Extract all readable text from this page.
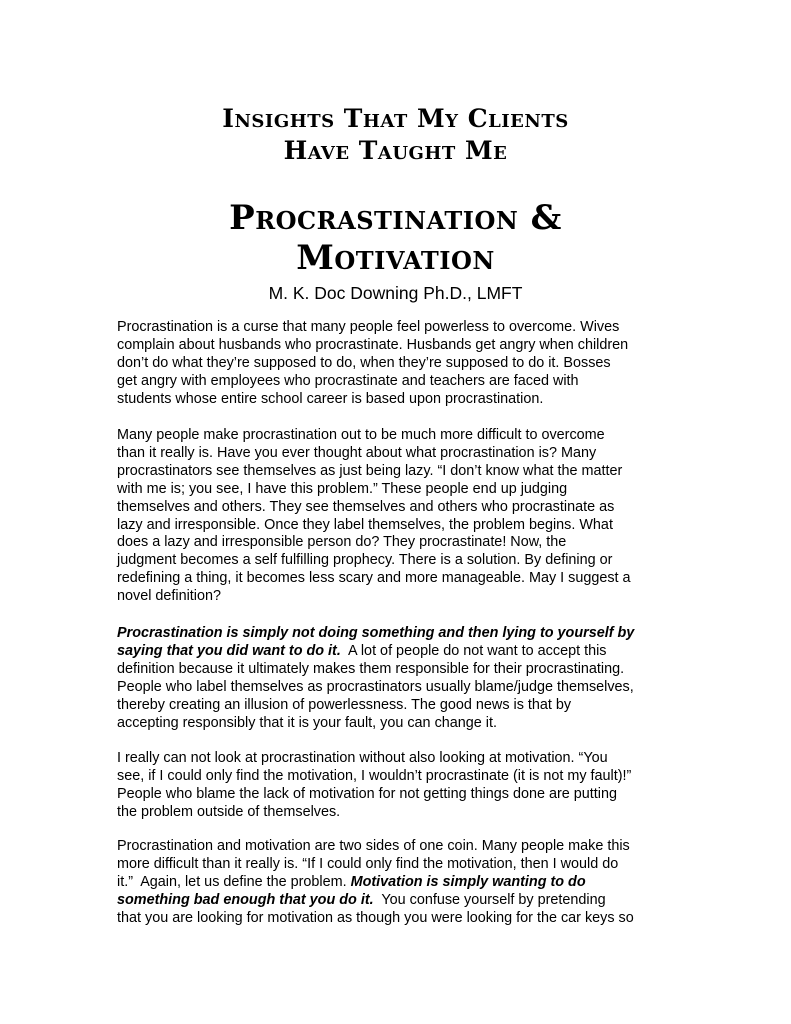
Insights That My Clients
Have Taught Me
Procrastination &
Motivation
M. K. Doc Downing Ph.D., LMFT
Procrastination is a curse that many people feel powerless to overcome. Wives
complain about husbands who procrastinate. Husbands get angry when children
don’t do what they’re supposed to do, when they’re supposed to do it. Bosses
get angry with employees who procrastinate and teachers are faced with
students whose entire school career is based upon procrastination.
Many people make procrastination out to be much more difficult to overcome
than it really is. Have you ever thought about what procrastination is? Many
procrastinators see themselves as just being lazy. “I don’t know what the matter
with me is; you see, I have this problem.” These people end up judging
themselves and others. They see themselves and others who procrastinate as
lazy and irresponsible. Once they label themselves, the problem begins. What
does a lazy and irresponsible person do? They procrastinate! Now, the
judgment becomes a self fulfilling prophecy. There is a solution. By defining or
redefining a thing, it becomes less scary and more manageable. May I suggest a
novel definition?
Procrastination is simply not doing something and then lying to yourself by
saying that you did want to do it.  A lot of people do not want to accept this
definition because it ultimately makes them responsible for their procrastinating.
People who label themselves as procrastinators usually blame/judge themselves,
thereby creating an illusion of powerlessness. The good news is that by
accepting responsibly that it is your fault, you can change it.
I really can not look at procrastination without also looking at motivation. “You
see, if I could only find the motivation, I wouldn’t procrastinate (it is not my fault)!”
People who blame the lack of motivation for not getting things done are putting
the problem outside of themselves.
Procrastination and motivation are two sides of one coin. Many people make this
more difficult than it really is. “If I could only find the motivation, then I would do
it.”  Again, let us define the problem. Motivation is simply wanting to do
something bad enough that you do it.  You confuse yourself by pretending
that you are looking for motivation as though you were looking for the car keys so
